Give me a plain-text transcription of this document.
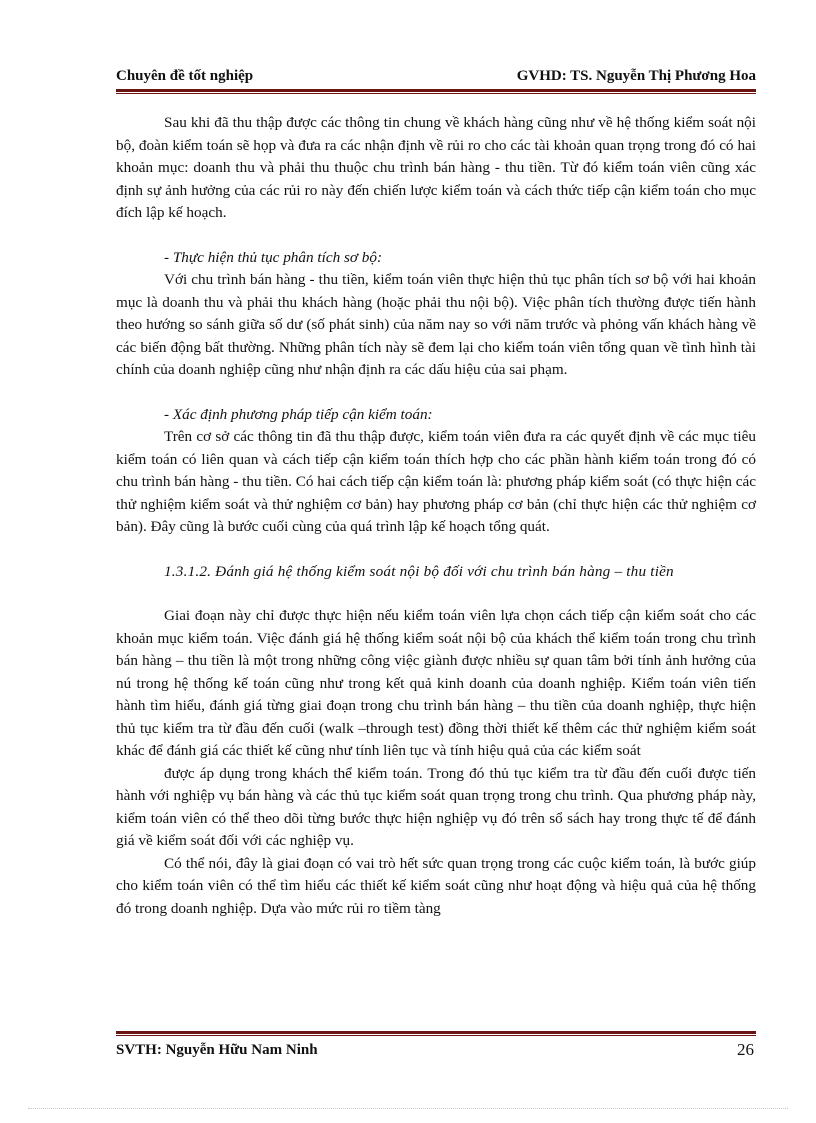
Chuyên đề tốt nghiệp	GVHD: TS. Nguyễn Thị Phương Hoa

Sau khi đã thu thập được các thông tin chung về khách hàng cũng như về hệ thống kiểm soát nội bộ, đoàn kiểm toán sẽ họp và đưa ra các nhận định về rủi ro cho các tài khoản quan trọng trong đó có hai khoản mục: doanh thu và phải thu thuộc chu trình bán hàng - thu tiền. Từ đó kiểm toán viên cũng xác định sự ảnh hưởng của các rủi ro này đến chiến lược kiểm toán và cách thức tiếp cận kiểm toán cho mục đích lập kế hoạch.

- Thực hiện thủ tục phân tích sơ bộ:

Với chu trình bán hàng - thu tiền, kiểm toán viên thực hiện thủ tục phân tích sơ bộ với hai khoản mục là doanh thu và phải thu khách hàng (hoặc phải thu nội bộ). Việc phân tích thường được tiến hành theo hướng so sánh giữa số dư (số phát sinh) của năm nay so với năm trước và phỏng vấn khách hàng về các biến động bất thường. Những phân tích này sẽ đem lại cho kiểm toán viên tổng quan về tình hình tài chính của doanh nghiệp cũng như nhận định ra các dấu hiệu của sai phạm.

- Xác định phương pháp tiếp cận kiểm toán:

Trên cơ sở các thông tin đã thu thập được, kiểm toán viên đưa ra các quyết định về các mục tiêu kiểm toán có liên quan và cách tiếp cận kiểm toán thích hợp cho các phần hành kiểm toán trong đó có chu trình bán hàng - thu tiền. Có hai cách tiếp cận kiểm toán là: phương pháp kiểm soát (có thực hiện các thử nghiệm kiểm soát và thử nghiệm cơ bản) hay phương pháp cơ bản (chỉ thực hiện các thử nghiệm cơ bản). Đây cũng là bước cuối cùng của quá trình lập kế hoạch tổng quát.

1.3.1.2. Đánh giá hệ thống kiểm soát nội bộ đối với chu trình bán hàng – thu tiền

Giai đoạn này chỉ được thực hiện nếu kiểm toán viên lựa chọn cách tiếp cận kiểm soát cho các khoản mục kiểm toán. Việc đánh giá hệ thống kiểm soát nội bộ của khách thể kiểm toán trong chu trình bán hàng – thu tiền là một trong những công việc giành được nhiều sự quan tâm bởi tính ảnh hưởng của nú trong hệ thống kế toán cũng như trong kết quả kinh doanh của doanh nghiệp. Kiểm toán viên tiến hành tìm hiểu, đánh giá từng giai đoạn trong chu trình bán hàng – thu tiền của doanh nghiệp, thực hiện thủ tục kiểm tra từ đầu đến cuối (walk –through test) đồng thời thiết kế thêm các thử nghiệm kiểm soát khác để đánh giá các thiết kế cũng như tính liên tục và tính hiệu quả của các kiểm soát

được áp dụng trong khách thể kiểm toán. Trong đó thủ tục kiểm tra từ đầu đến cuối được tiến hành với nghiệp vụ bán hàng và các thủ tục kiểm soát quan trọng trong chu trình. Qua phương pháp này, kiểm toán viên có thể theo dõi từng bước thực hiện nghiệp vụ đó trên sổ sách hay trong thực tế để đánh giá về kiểm soát đối với các nghiệp vụ.

Có thể nói, đây là giai đoạn có vai trò hết sức quan trọng trong các cuộc kiểm toán, là bước giúp cho kiểm toán viên có thể tìm hiểu các thiết kế kiểm soát cũng như hoạt động và hiệu quả của hệ thống đó trong doanh nghiệp. Dựa vào mức rủi ro tiềm tàng

SVTH: Nguyễn Hữu Nam Ninh	26
